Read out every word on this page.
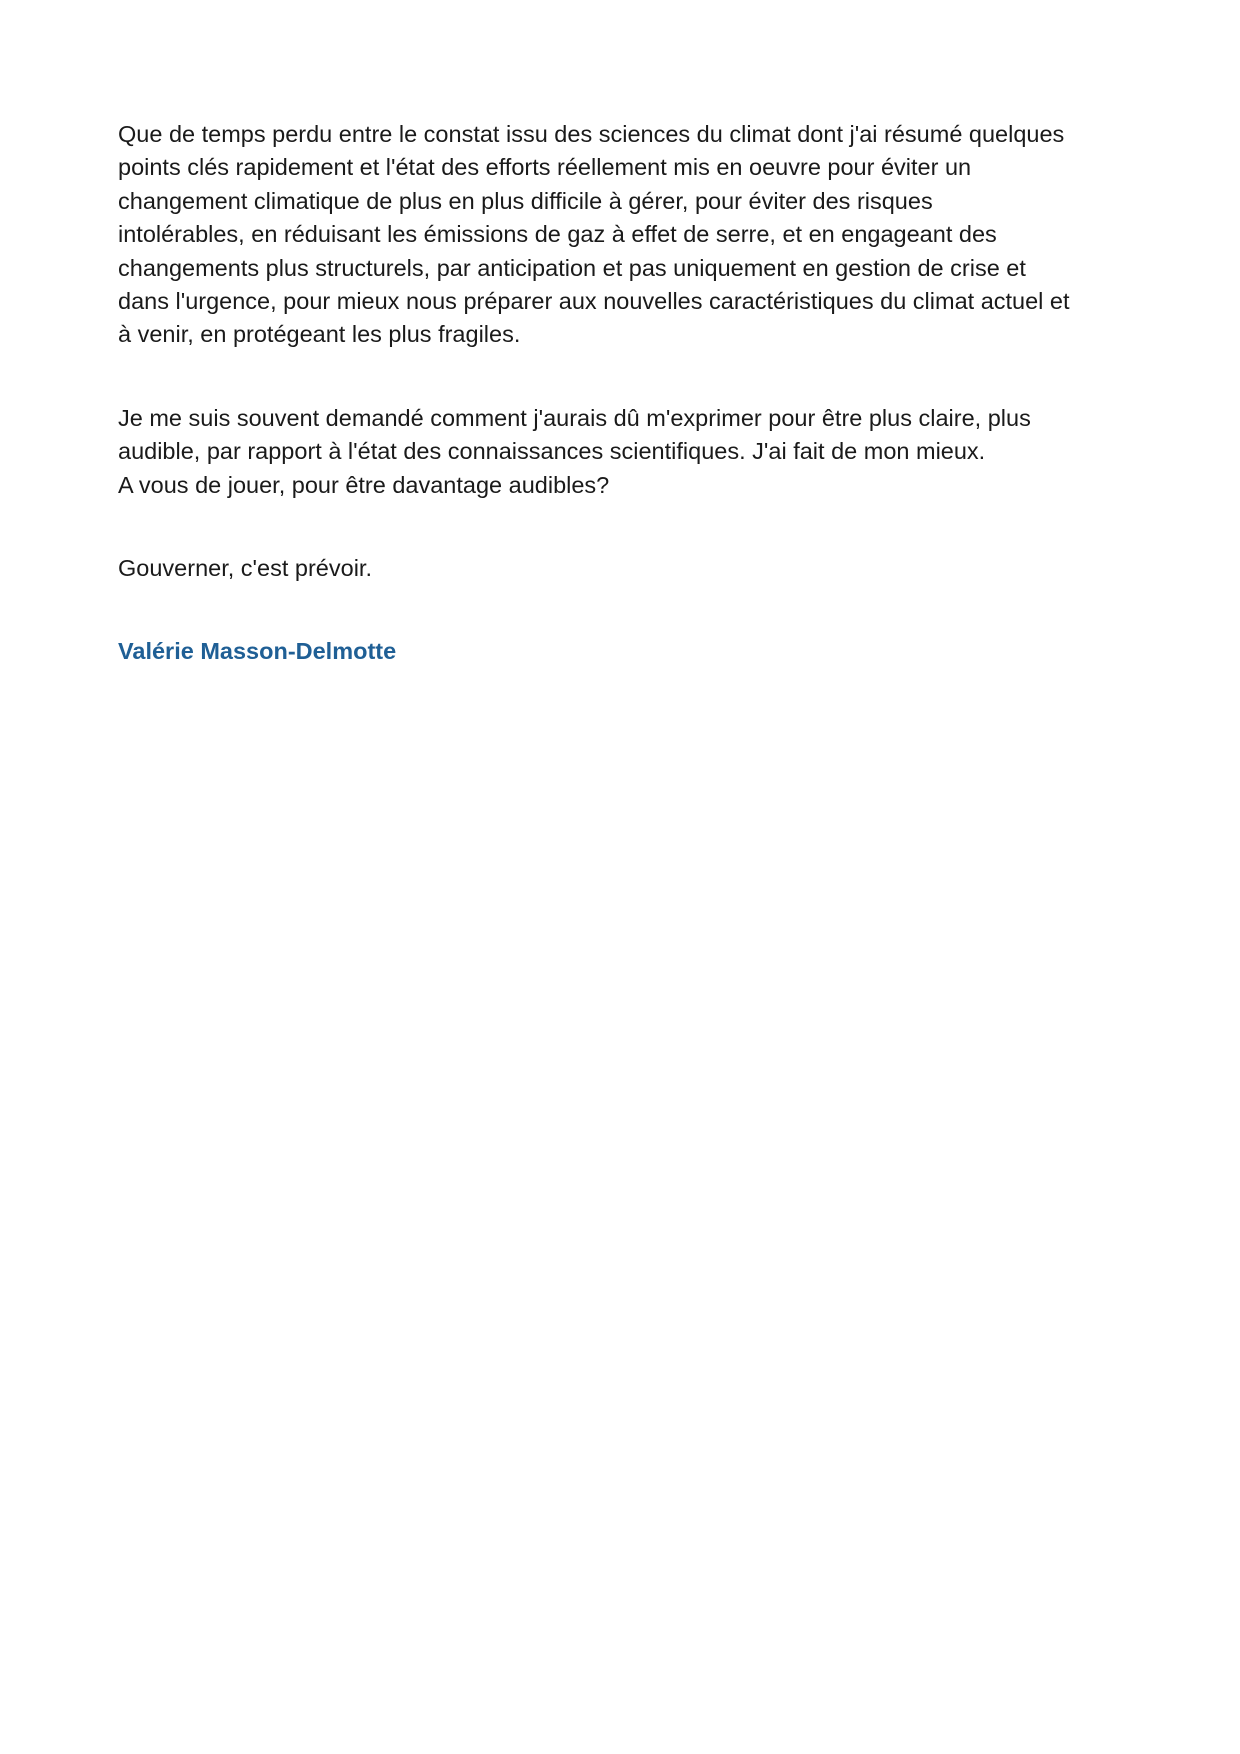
Que de temps perdu entre le constat issu des sciences du climat dont j'ai résumé quelques
points clés rapidement et l'état des efforts réellement mis en oeuvre pour éviter un
changement climatique de plus en plus difficile à gérer, pour éviter des risques
intolérables, en réduisant les émissions de gaz à effet de serre, et en engageant des
changements plus structurels, par anticipation et pas uniquement en gestion de crise et
dans l'urgence, pour mieux nous préparer aux nouvelles caractéristiques du climat actuel et
à venir, en protégeant les plus fragiles.

Je me suis souvent demandé comment j'aurais dû m'exprimer pour être plus claire, plus
audible, par rapport à l'état des connaissances scientifiques. J'ai fait de mon mieux.
A vous de jouer, pour être davantage audibles?

Gouverner, c'est prévoir.

Valérie Masson-Delmotte
